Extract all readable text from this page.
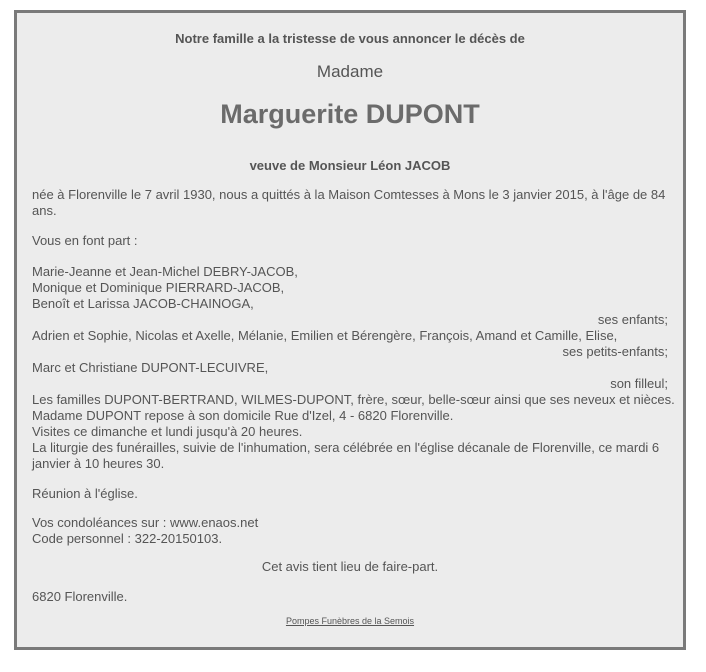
Notre famille a la tristesse de vous annoncer le décès de
Madame
Marguerite DUPONT
veuve de Monsieur Léon JACOB
née à Florenville le 7 avril 1930, nous a quittés à la Maison Comtesses à Mons le 3 janvier 2015, à l'âge de 84 ans.
Vous en font part :
Marie-Jeanne et Jean-Michel DEBRY-JACOB,
Monique et Dominique PIERRARD-JACOB,
Benoît et Larissa JACOB-CHAINOGA,
ses enfants;
Adrien et Sophie, Nicolas et Axelle, Mélanie, Emilien et Bérengère, François, Amand et Camille, Elise,
ses petits-enfants;
Marc et Christiane DUPONT-LECUIVRE,
son filleul;
Les familles DUPONT-BERTRAND, WILMES-DUPONT, frère, sœur, belle-sœur ainsi que ses neveux et nièces.
Madame DUPONT repose à son domicile Rue d'Izel, 4 - 6820 Florenville.
Visites ce dimanche et lundi jusqu'à 20 heures.
La liturgie des funérailles, suivie de l'inhumation, sera célébrée en l'église décanale de Florenville, ce mardi 6
janvier à 10 heures 30.
Réunion à l'église.
Vos condoléances sur : www.enaos.net
Code personnel : 322-20150103.
Cet avis tient lieu de faire-part.
6820 Florenville.
Pompes Funèbres de la Semois
